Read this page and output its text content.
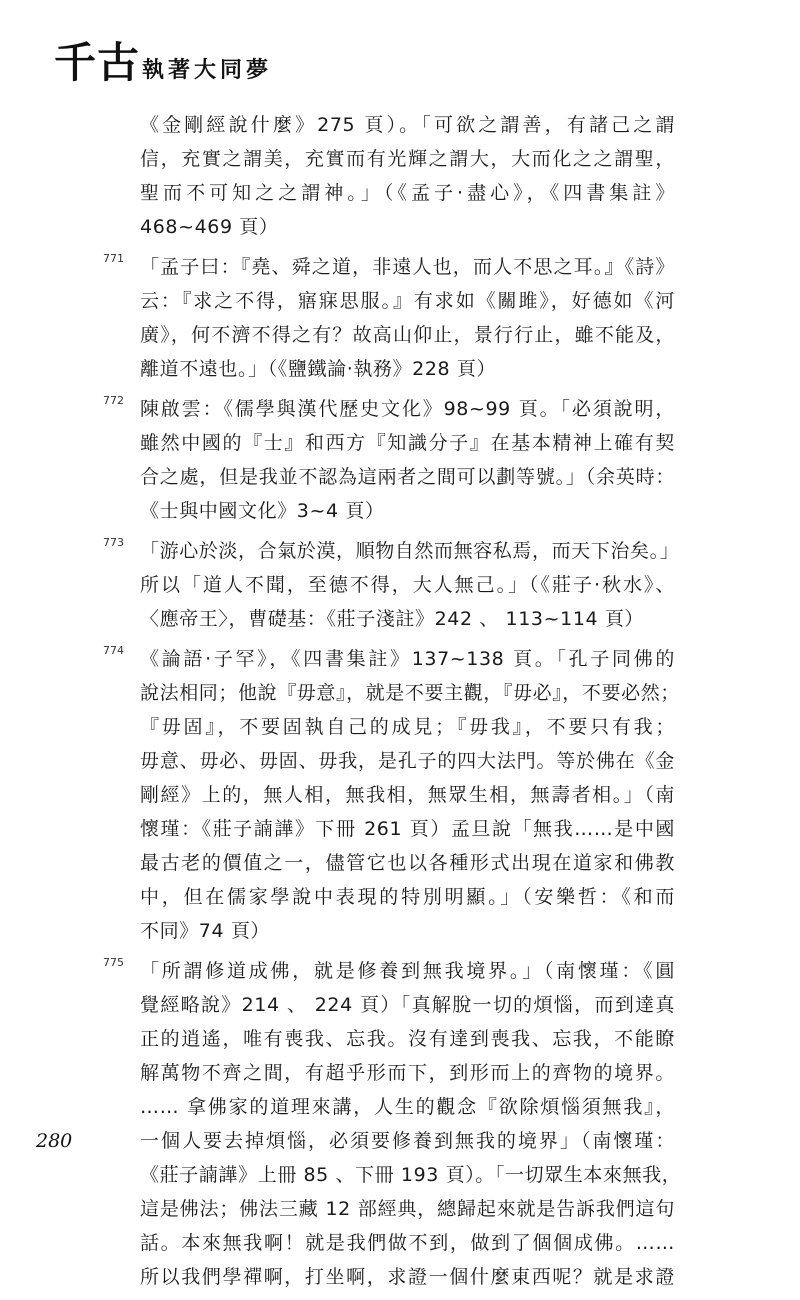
千古執著大同夢
《金剛經說什麼》275 頁）。「可欲之謂善，有諸己之謂
信，充實之謂美，充實而有光輝之謂大，大而化之之謂聖，
聖而不可知之之謂神。」（《孟子‧盡心》，《四書集註》
468~469 頁）
771 「孟子曰：『堯、舜之道，非遠人也，而人不思之耳。』《詩》
云：『求之不得，寤寐思服。』有求如《關雎》，好德如《河
廣》，何不濟不得之有？故高山仰止，景行行止，雖不能及，
離道不遠也。」（《鹽鐵論‧執務》228 頁）
772 陳啟雲：《儒學與漢代歷史文化》98~99 頁。「必須說明，
雖然中國的『士』和西方『知識分子』在基本精神上確有契
合之處，但是我並不認為這兩者之間可以劃等號。」（余英時：
《士與中國文化》3~4 頁）
773 「游心於淡，合氣於漠，順物自然而無容私焉，而天下治矣。」
所以「道人不聞，至德不得，大人無己。」（《莊子‧秋水》、
〈應帝王〉，曹礎基：《莊子淺註》242 、 113~114 頁）
774 《論語‧子罕》，《四書集註》137~138 頁。「孔子同佛的
說法相同；他說『毋意』，就是不要主觀，『毋必』，不要必然；
『毋固』，不要固執自己的成見；『毋我』，不要只有我；
毋意、毋必、毋固、毋我，是孔子的四大法門。等於佛在《金
剛經》上的，無人相，無我相，無眾生相，無壽者相。」（南
懷瑾：《莊子諵譁》下冊 261 頁）孟旦說「無我……是中國
最古老的價值之一，儘管它也以各種形式出現在道家和佛教
中，但在儒家學說中表現的特別明顯。」（安樂哲：《和而
不同》74 頁）
775 「所謂修道成佛，就是修養到無我境界。」（南懷瑾：《圓
覺經略說》214 、 224 頁）「真解脫一切的煩惱，而到達真
正的逍遙，唯有喪我、忘我。沒有達到喪我、忘我，不能瞭
解萬物不齊之間，有超乎形而下，到形而上的齊物的境界。
…… 拿佛家的道理來講，人生的觀念『欲除煩惱須無我』，
一個人要去掉煩惱，必須要修養到無我的境界」（南懷瑾：
《莊子諵譁》上冊 85 、下冊 193 頁）。「一切眾生本來無我，
這是佛法；佛法三藏 12 部經典，總歸起來就是告訴我們這句
話。本來無我啊！就是我們做不到，做到了個個成佛。……
所以我們學禪啊，打坐啊，求證一個什麼東西呢？就是求證
280
